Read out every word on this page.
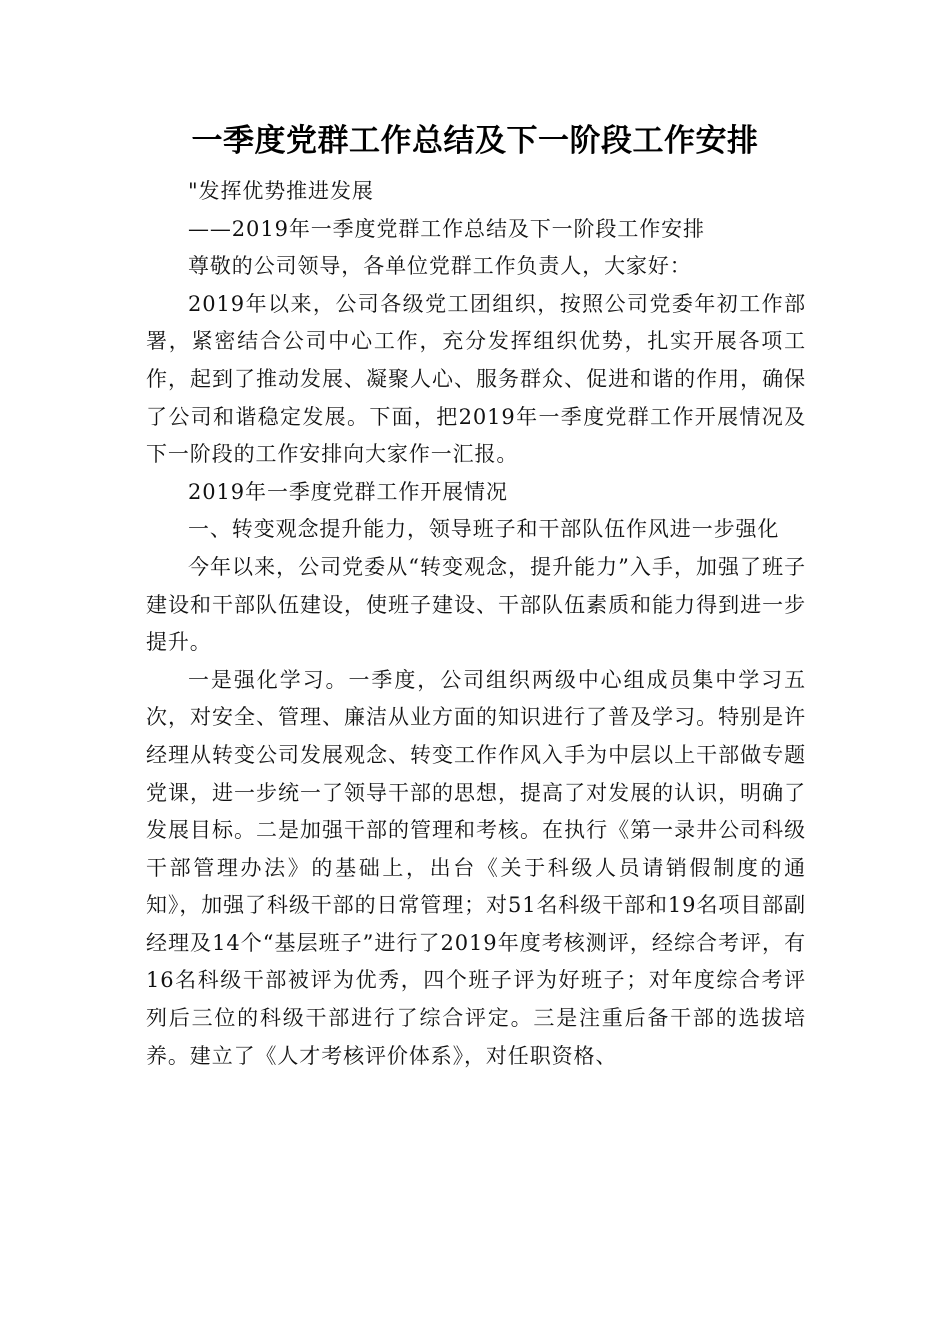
一季度党群工作总结及下一阶段工作安排

"发挥优势推进发展

——2019年一季度党群工作总结及下一阶段工作安排

尊敬的公司领导，各单位党群工作负责人，大家好：

2019年以来，公司各级党工团组织，按照公司党委年初工作部署，紧密结合公司中心工作，充分发挥组织优势，扎实开展各项工作，起到了推动发展、凝聚人心、服务群众、促进和谐的作用，确保了公司和谐稳定发展。下面，把2019年一季度党群工作开展情况及下一阶段的工作安排向大家作一汇报。

2019年一季度党群工作开展情况

一、转变观念提升能力，领导班子和干部队伍作风进一步强化

今年以来，公司党委从“转变观念，提升能力”入手，加强了班子建设和干部队伍建设，使班子建设、干部队伍素质和能力得到进一步提升。

一是强化学习。一季度，公司组织两级中心组成员集中学习五次，对安全、管理、廉洁从业方面的知识进行了普及学习。特别是许经理从转变公司发展观念、转变工作作风入手为中层以上干部做专题党课，进一步统一了领导干部的思想，提高了对发展的认识，明确了发展目标。二是加强干部的管理和考核。在执行《第一录井公司科级干部管理办法》的基础上，出台《关于科级人员请销假制度的通知》，加强了科级干部的日常管理；对51名科级干部和19名项目部副经理及14个“基层班子”进行了2019年度考核测评，经综合考评，有16名科级干部被评为优秀，四个班子评为好班子；对年度综合考评列后三位的科级干部进行了综合评定。三是注重后备干部的选拔培养。建立了《人才考核评价体系》，对任职资格、
